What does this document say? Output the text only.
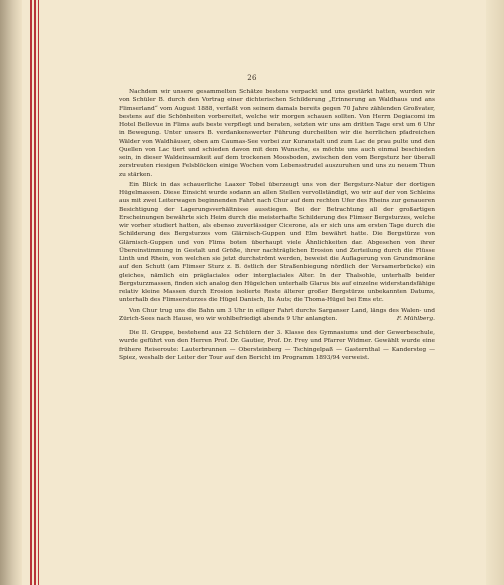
26

Nachdem wir unsere gesammelten Schätze bestens verpackt und uns gestärkt hatten, wurden wir von Schüler B. durch den Vortrag einer dichterischen Schilderung „Erinnerung an Waldhaus und ans Flimserland“ vom August 1888, verfaßt von seinem damals bereits gegen 70 Jahre zählenden Großvater, bestens auf die Schönheiten vorbereitet, welche wir morgen schauen sollten. Von Herrn Degiacomi im Hotel Bellevue in Flims aufs beste verpflegt und beraten, setzten wir uns am dritten Tage erst um 6 Uhr in Bewegung. Unter unsers B. verdankenswerter Führung durcheilten wir die herrlichen pfadreichen Wälder von Waldhäuser, oben am Caumas-See vorbei zur Kuranstalt und zum Lac de prau pulte und den Quellen von Lac tiert und schieden davon mit dem Wunsche, es möchte uns auch einmal beschieden sein, in dieser Waldeinsamkeit auf dem trockenen Moosboden, zwischen den vom Bergsturz her überall zerstreuten riesigen Felsblöcken einige Wochen vom Lebensstrudel auszuruhen und uns zu neuem Thun zu stärken.

Ein Blick in das schauerliche Laaxer Tobel überzeugt uns von der Bergsturz-Natur der dortigen Hügelmassen. Diese Einsicht wurde sodann an allen Stellen vervollständigt, wo wir auf der von Schleins aus mit zwei Leiterwagen beginnenden Fahrt nach Chur auf dem rechten Ufer des Rheins zur genaueren Besichtigung der Lagerungsverhältnisse ausstiegen. Bei der Betrachtung all der großartigen Erscheinungen bewährte sich Heim durch die meisterhafte Schilderung des Flimser Bergsturzes, welche wir vorher studiert hatten, als ebenso zuverlässiger Cicerone, als er sich uns am ersten Tage durch die Schilderung des Bergsturzes vom Glärnisch-Guppen und Elm bewährt hatte. Die Bergstürze von Glärnisch-Guppen und von Flims boten überhaupt viele Ähnlichkeiten dar. Abgesehen von ihrer Übereinstimmung in Gestalt und Größe, ihrer nachträglichen Erosion und Zerteilung durch die Flüsse Linth und Rhein, von welchen sie jetzt durchströmt werden, beweist die Auflagerung von Grundmoräne auf den Schutt (am Flimser Sturz z. B. östlich der Straßenbiegung nördlich der Versamerbrücke) ein gleiches, nämlich ein präglaciales oder interglaciales Alter. In der Thalsohle, unterhalb beider Bergsturzmassen, finden sich analog den Hügelchen unterhalb Glarus bis auf einzelne widerstandsfähige relativ kleine Massen durch Erosion isolierte Reste älterer großer Bergstürze unbekannten Datums, unterhalb des Flimsersturzes die Hügel Danisch, Ils Auts; die Thoma-Hügel bei Ems etc.

Von Chur trug uns die Bahn um 3 Uhr in eiliger Fahrt durchs Sarganser Land, längs des Walen- und Zürich-Sees nach Hause, wo wir wohlbefriedigt abends 9 Uhr anlangten.	F. Mühlberg.

Die II. Gruppe, bestehend aus 22 Schülern der 3. Klasse des Gymnasiums und der Gewerbeschule, wurde geführt von den Herren Prof. Dr. Gautier, Prof. Dr. Frey und Pfarrer Widmer. Gewählt wurde eine frühere Reiseroute: Lauterbrunnen — Obersteinberg — Tschingelpaß — Gasternthal — Kandersteg — Spiez, weshalb der Leiter der Tour auf den Bericht im Programm 1893/94 verweist.
